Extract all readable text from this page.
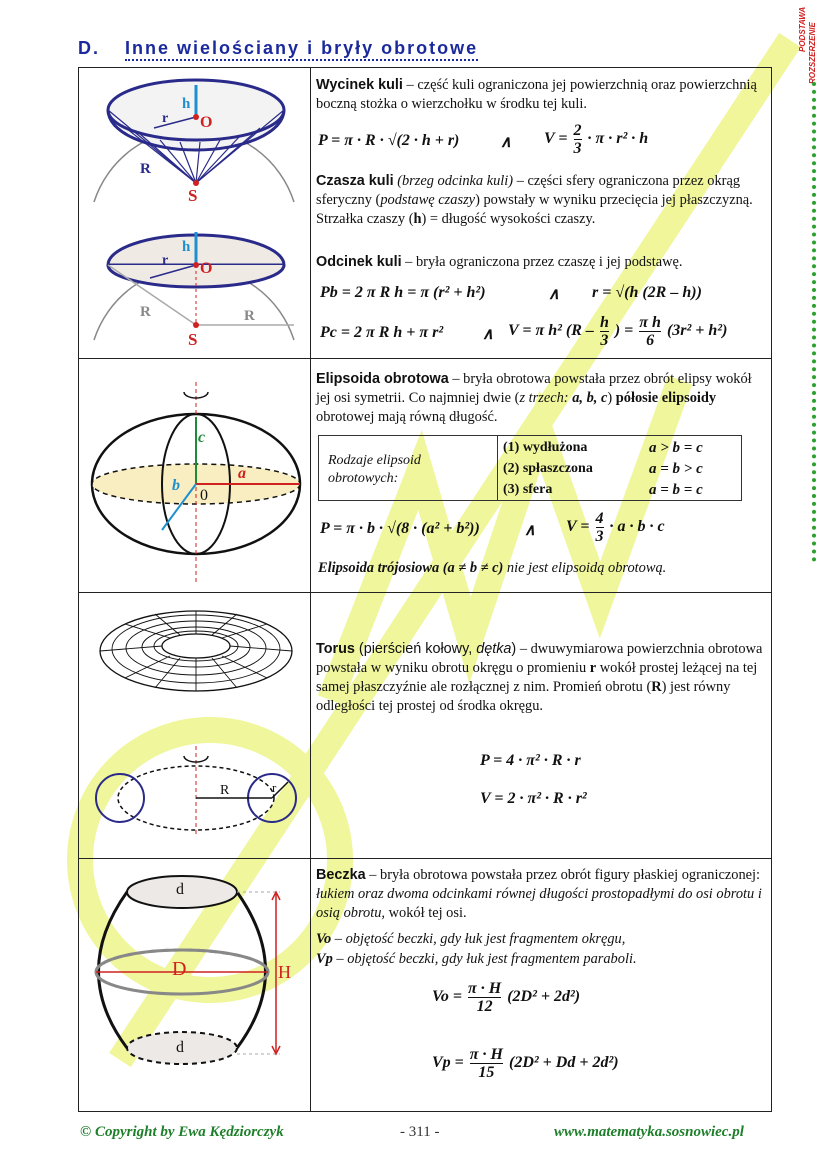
D. Inne wielościany i bryły obrotowe	PODSTAWA ROZSZERZENIE
h
r O
R
S
h
r O
R	R
S
Wycinek kuli – część kuli ograniczona jej powierzchnią oraz powierzchnią boczną stożka o wierzchołku w środku tej kuli.
P = π · R · √(2 · h + r)	∧ $V = \frac{2}{3} \cdot \pi \cdot r^2 \cdot h$
Czasza kuli (brzeg odcinka kuli) – części sfery ograniczona przez okrąg sferyczny (podstawę czaszy) powstały w wyniku przecięcia jej płaszczyzną. Strzałka czaszy (h) = długość wysokości czaszy.
Odcinek kuli – bryła ograniczona przez czaszę i jej podstawę.
Pb = 2 π R h = π (r² + h²)	∧ r = √(h (2R – h))
Pc = 2 π R h + π r² ∧ V = π h² ($R - \frac{h}{3}$ ) = $\frac{\text{π h}}{6} (3r^2 + h^2)$
c
a
b
0
Elipsoida obrotowa – bryła obrotowa powstała przez obrót elipsy wokół jej osi symetrii. Co najmniej dwie (z trzech: a, b, c) półosie elipsoidy obrotowej mają równą długość.
Rodzaje elipsoid obrotowych:
(1) wydłużona	a > b = c
(2) spłaszczona	a = b > c
(3) sfera	a = b = c
P = π · b · √(8 · (a² + b²))	∧ $V = \frac{4}{3} \cdot a \cdot b \cdot c$
Elipsoida trójosiowa (a ≠ b ≠ c) nie jest elipsoidą obrotową.
R	r
Torus (pierścień kołowy, dętka) – dwuwymiarowa powierzchnia obrotowa powstała w wyniku obrotu okręgu o promieniu r wokół prostej leżącej na tej samej płaszczyźnie ale rozłącznej z nim. Promień obrotu (R) jest równy odległości tej prostej od środka okręgu.
P = 4 · π² · R · r
V = 2 · π² · R · r²
d
D
d
H
Beczka – bryła obrotowa powstała przez obrót figury płaskiej ograniczonej: łukiem oraz dwoma odcinkami równej długości prostopadłymi do osi obrotu i osią obrotu, wokół tej osi.
Vo – objętość beczki, gdy łuk jest fragmentem okręgu,
Vp – objętość beczki, gdy łuk jest fragmentem paraboli.
$Vo = \frac{\pi \cdot H}{12} (2D^2 + 2d^2)$
$Vp = \frac{\pi \cdot H}{15} (2D^2 + Dd + 2d^2)$
© Copyright by Ewa Kędziorczyk	- 311 -	www.matematyka.sosnowiec.pl
